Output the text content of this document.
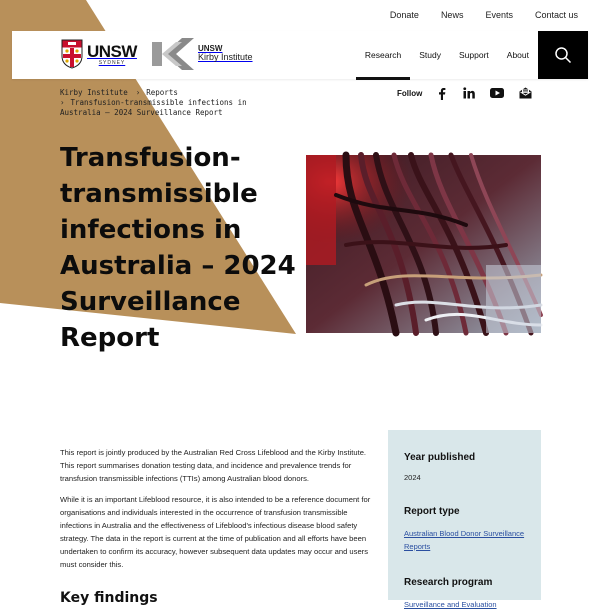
Donate	News	Events	Contact us
UNSW
SYDNEY
UNSW
Kirby Institute	Research	Study	Support	About
Kirby Institute › Reports
› Transfusion-transmissible infections in Australia – 2024 Surveillance Report
Follow
Transfusion-transmissible infections in Australia – 2024 Surveillance Report

This report is jointly produced by the Australian Red Cross Lifeblood and the Kirby Institute. This report summarises donation testing data, and incidence and prevalence trends for transfusion transmissible infections (TTIs) among Australian blood donors.

While it is an important Lifeblood resource, it is also intended to be a reference document for organisations and individuals interested in the occurrence of transfusion transmissible infections in Australia and the effectiveness of Lifeblood's infectious disease blood safety strategy. The data in the report is current at the time of publication and all efforts have been undertaken to confirm its accuracy, however subsequent data updates may occur and users must consider this.

Key findings
Year published
2024
Report type
Australian Blood Donor Surveillance Reports
Research program
Surveillance and Evaluation
